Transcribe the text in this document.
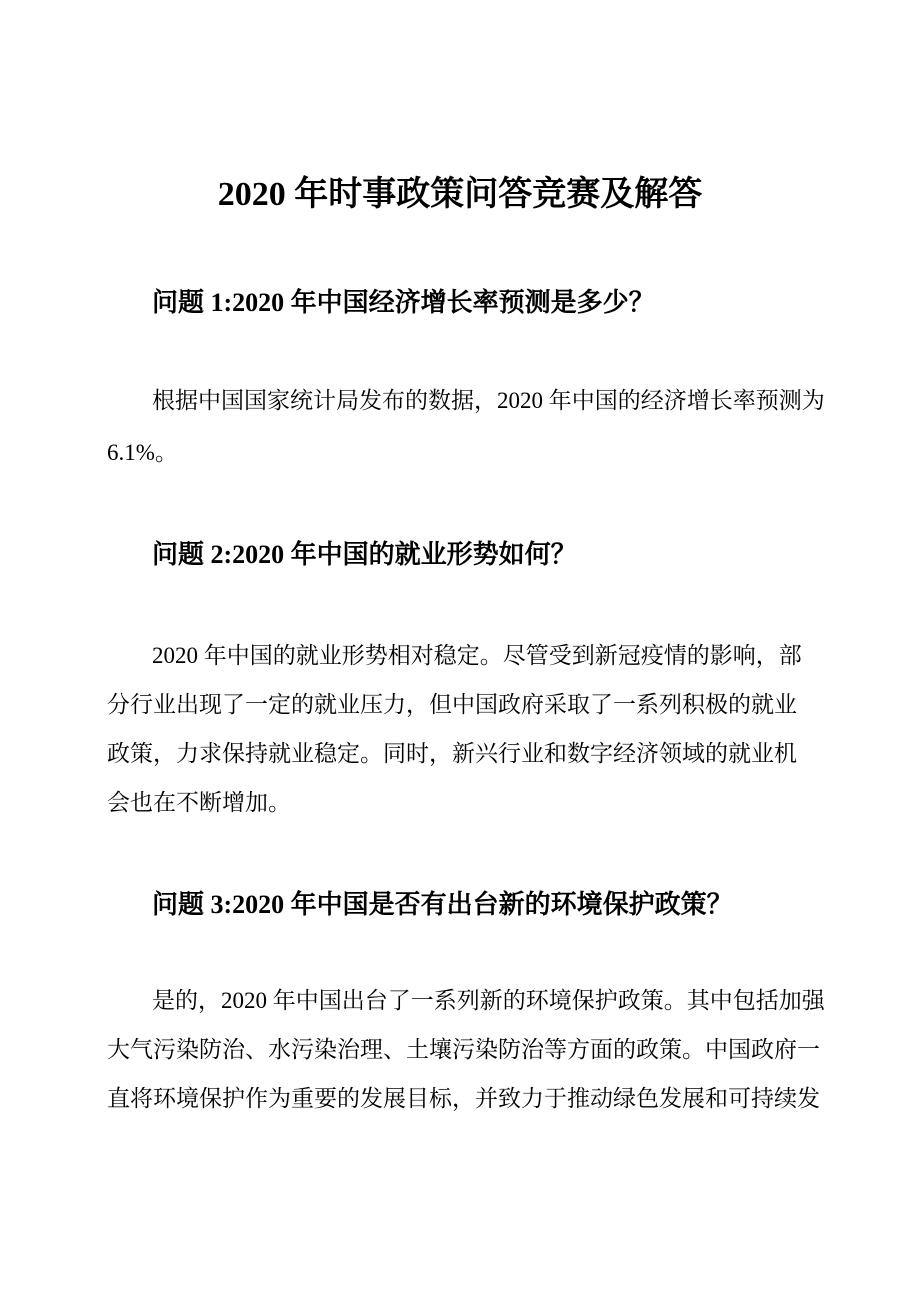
2020 年时事政策问答竞赛及解答
问题 1:2020 年中国经济增长率预测是多少？
根据中国国家统计局发布的数据，2020 年中国的经济增长率预测为
6.1%。
问题 2:2020 年中国的就业形势如何？
2020 年中国的就业形势相对稳定。尽管受到新冠疫情的影响，部
分行业出现了一定的就业压力，但中国政府采取了一系列积极的就业
政策，力求保持就业稳定。同时，新兴行业和数字经济领域的就业机
会也在不断增加。
问题 3:2020 年中国是否有出台新的环境保护政策？
是的，2020 年中国出台了一系列新的环境保护政策。其中包括加强
大气污染防治、水污染治理、土壤污染防治等方面的政策。中国政府一
直将环境保护作为重要的发展目标，并致力于推动绿色发展和可持续发
